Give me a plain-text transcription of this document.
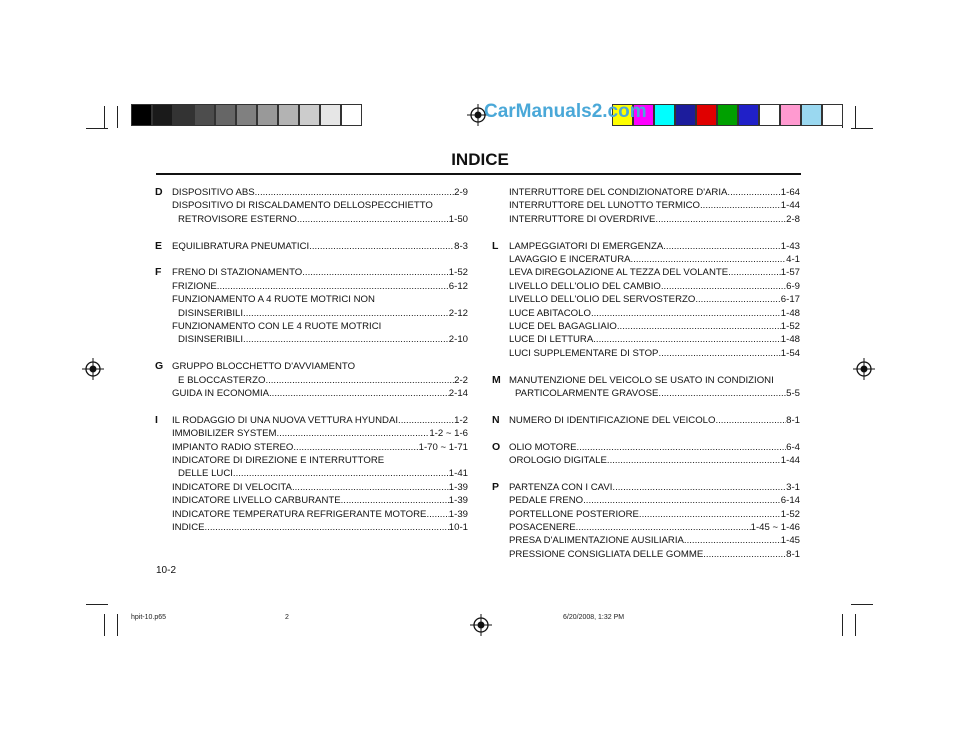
CarManuals2.com
INDICE
D DISPOSITIVO ABS .....	2-9
DISPOSITIVO DI RISCALDAMENTO DELLOSPECCHIETTO
RETROVISORE ESTERNO .....	1-50
E EQUILIBRATURA PNEUMATICI .....	8-3
F FRENO DI STAZIONAMENTO .....	1-52
FRIZIONE .....	6-12
FUNZIONAMENTO A 4 RUOTE MOTRICI NON
DISINSERIBILI .....	2-12
FUNZIONAMENTO CON LE 4 RUOTE MOTRICI
DISINSERIBILI .....	2-10
G GRUPPO BLOCCHETTO D'AVVIAMENTO
E BLOCCASTERZO .....	2-2
GUIDA IN ECONOMIA .....	2-14
I IL RODAGGIO DI UNA NUOVA VETTURA HYUNDAI .....	1-2
IMMOBILIZER SYSTEM .....	1-2 ~ 1-6
IMPIANTO RADIO STEREO .....	1-70 ~ 1-71
INDICATORE DI DIREZIONE E INTERRUTTORE
DELLE LUCI .....	1-41
INDICATORE DI VELOCITA .....	1-39
INDICATORE LIVELLO CARBURANTE .....	1-39
INDICATORE TEMPERATURA REFRIGERANTE MOTORE ..... 1-39
INDICE .....	10-1
INTERRUTTORE DEL CONDIZIONATORE D'ARIA .....	1-64
INTERRUTTORE DEL LUNOTTO TERMICO .....	1-44
INTERRUTTORE DI OVERDRIVE .....	2-8
L LAMPEGGIATORI DI EMERGENZA .....	1-43
LAVAGGIO E INCERATURA .....	4-1
LEVA DIREGOLAZIONE AL TEZZA DEL VOLANTE .....	1-57
LIVELLO DELL'OLIO DEL CAMBIO .....	6-9
LIVELLO DELL'OLIO DEL SERVOSTERZO .....	6-17
LUCE ABITACOLO .....	1-48
LUCE DEL BAGAGLIAIO .....	1-52
LUCE DI LETTURA .....	1-48
LUCI SUPPLEMENTARE DI STOP .....	1-54
M MANUTENZIONE DEL VEICOLO SE USATO IN CONDIZIONI
PARTICOLARMENTE GRAVOSE .....	5-5
N NUMERO DI IDENTIFICAZIONE DEL VEICOLO .....	8-1
O OLIO MOTORE .....	6-4
OROLOGIO DIGITALE .....	1-44
P PARTENZA CON I CAVI .....	3-1
PEDALE FRENO .....	6-14
PORTELLONE POSTERIORE .....	1-52
POSACENERE .....	1-45 ~ 1-46
PRESA D'ALIMENTAZIONE AUSILIARIA .....	1-45
PRESSIONE CONSIGLIATA DELLE GOMME .....	8-1
10-2
hpit-10.p65	2	6/20/2008, 1:32 PM
